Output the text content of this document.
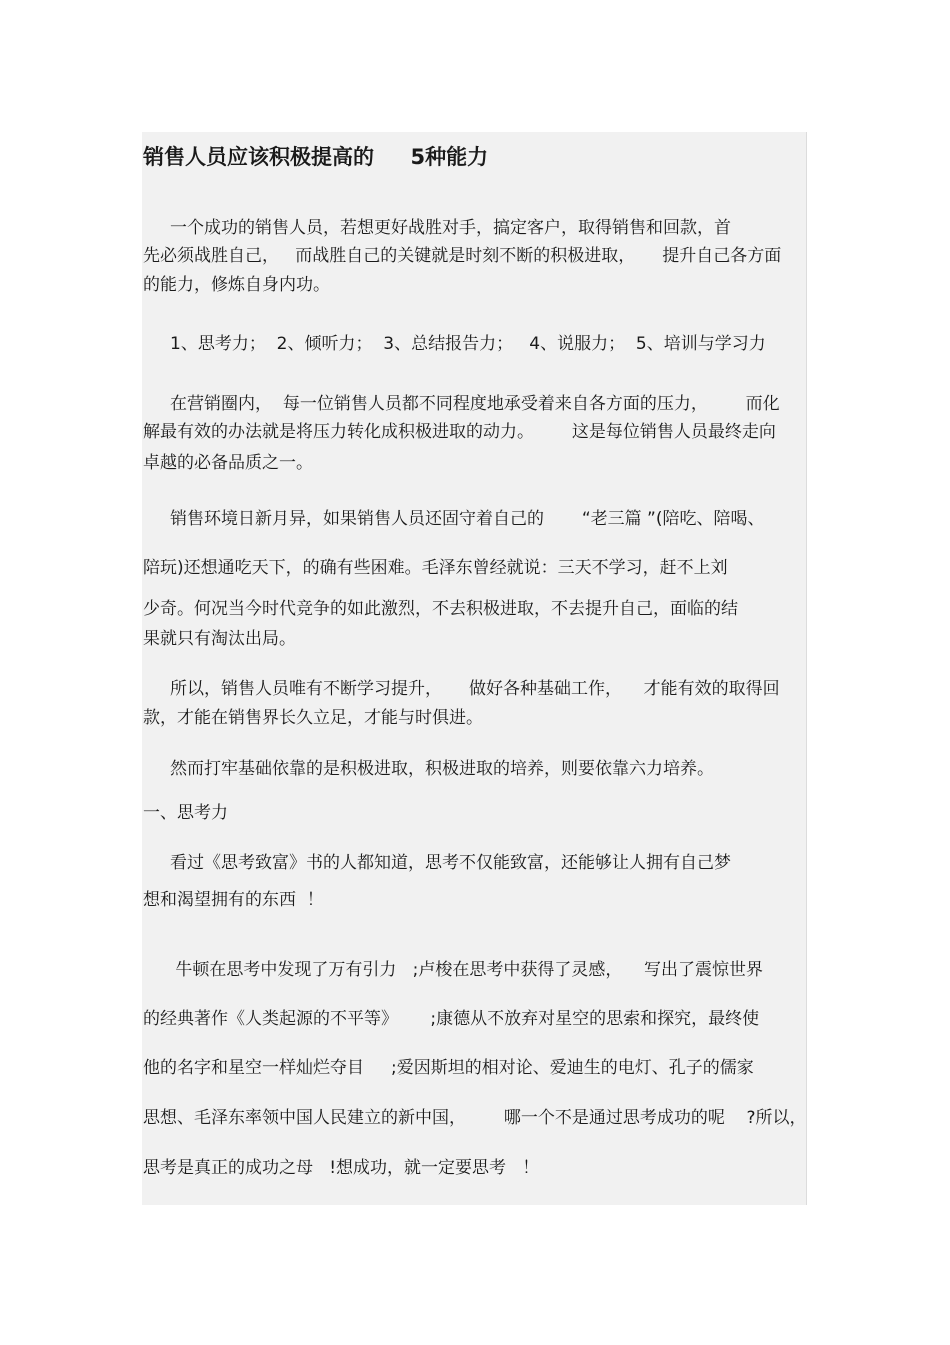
销售人员应该积极提高的     5种能力

一个成功的销售人员，若想更好战胜对手，搞定客户，取得销售和回款，首

先必须战胜自己，   而战胜自己的关键就是时刻不断的积极进取，     提升自己各方面

的能力，修炼自身内功。

1、思考力；  2、倾听力；  3、总结报告力；   4、说服力；  5、培训与学习力

在营销圈内，  每一位销售人员都不同程度地承受着来自各方面的压力，       而化

解最有效的办法就是将压力转化成积极进取的动力。       这是每位销售人员最终走向

卓越的必备品质之一。

销售环境日新月异，如果销售人员还固守着自己的       “老三篇 ”(陪吃、陪喝、

陪玩)还想通吃天下，的确有些困难。毛泽东曾经就说：三天不学习，赶不上刘

少奇。何况当今时代竞争的如此激烈，不去积极进取，不去提升自己，面临的结

果就只有淘汰出局。

所以，销售人员唯有不断学习提升，     做好各种基础工作，    才能有效的取得回

款，才能在销售界长久立足，才能与时俱进。

然而打牢基础依靠的是积极进取，积极进取的培养，则要依靠六力培养。

一、思考力

看过《思考致富》书的人都知道，思考不仅能致富，还能够让人拥有自己梦

想和渴望拥有的东西  ！

牛顿在思考中发现了万有引力   ;卢梭在思考中获得了灵感，    写出了震惊世界

的经典著作《人类起源的不平等》      ;康德从不放弃对星空的思索和探究，最终使

他的名字和星空一样灿烂夺目     ;爱因斯坦的相对论、爱迪生的电灯、孔子的儒家

思想、毛泽东率领中国人民建立的新中国，       哪一个不是通过思考成功的呢    ?所以，

思考是真正的成功之母   !想成功，就一定要思考   ！
